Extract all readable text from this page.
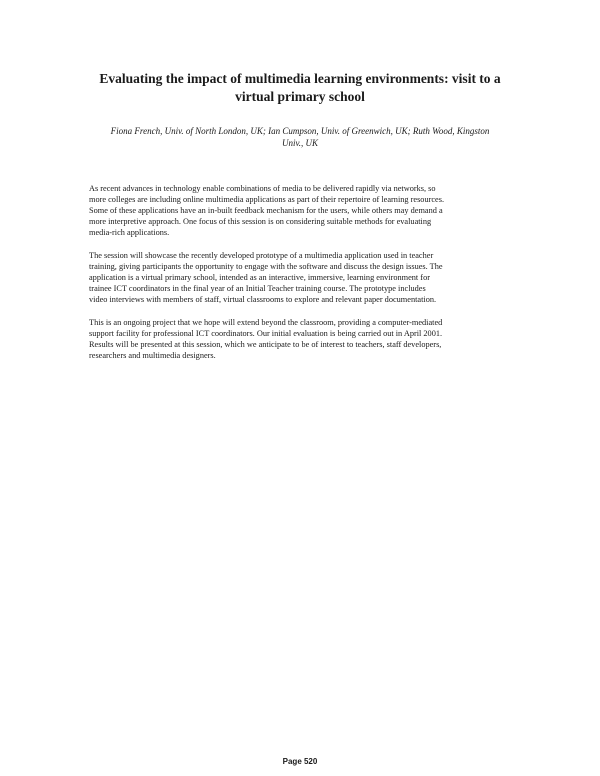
Evaluating the impact of multimedia learning environments: visit to a
virtual primary school

Fiona French, Univ. of North London, UK; Ian Cumpson, Univ. of Greenwich, UK; Ruth Wood, Kingston
Univ., UK

As recent advances in technology enable combinations of media to be delivered rapidly via networks, so
more colleges are including online multimedia applications as part of their repertoire of learning resources.
Some of these applications have an in-built feedback mechanism for the users, while others may demand a
more interpretive approach. One focus of this session is on considering suitable methods for evaluating
media-rich applications.

The session will showcase the recently developed prototype of a multimedia application used in teacher
training, giving participants the opportunity to engage with the software and discuss the design issues. The
application is a virtual primary school, intended as an interactive, immersive, learning environment for
trainee ICT coordinators in the final year of an Initial Teacher training course. The prototype includes
video interviews with members of staff, virtual classrooms to explore and relevant paper documentation.

This is an ongoing project that we hope will extend beyond the classroom, providing a computer-mediated
support facility for professional ICT coordinators. Our initial evaluation is being carried out in April 2001.
Results will be presented at this session, which we anticipate to be of interest to teachers, staff developers,
researchers and multimedia designers.

Page 520
